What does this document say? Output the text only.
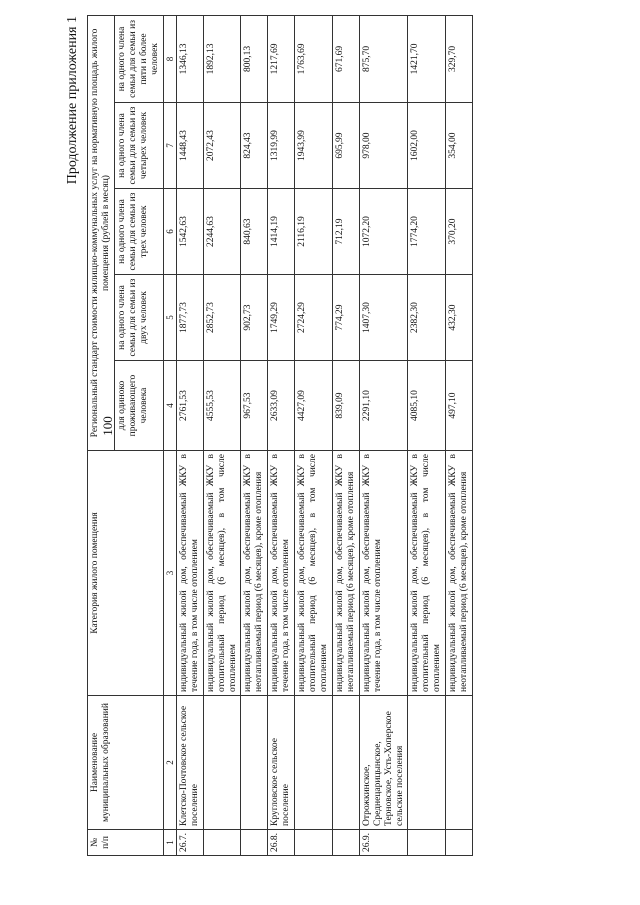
100
Продолжение приложения 1
№ п/п	Наименование муниципальных образований	Категория жилого помещения	Региональный стандарт стоимости жилищно-коммунальных услуг на нормативную площадь жилого помещения (рублей в месяц)				
			для одиноко проживающего человека	на одного члена семьи для семьи из двух человек	на одного члена семьи для семьи из трех человек	на одного члена семьи для семьи из четырех человек	на одного члена семьи для семьи из пяти и более человек
1	2	3	4	5	6	7	8
26.7.	Клетско-Почтовское сельское поселение	индивидуальный жилой дом, обеспечиваемый ЖКУ в течение года, в том числе отоплением	2761,53	1877,73	1542,63	1448,43	1346,13
		индивидуальный жилой дом, обеспечиваемый ЖКУ в отопительный период (6 месяцев), в том числе отоплением	4555,53	2852,73	2244,63	2072,43	1892,13
		индивидуальный жилой дом, обеспечиваемый ЖКУ в неотапливаемый период (6 месяцев), кроме отопления	967,53	902,73	840,63	824,43	800,13
26.8.	Кругловское сельское поселение	индивидуальный жилой дом, обеспечиваемый ЖКУ в течение года, в том числе отоплением	2633,09	1749,29	1414,19	1319,99	1217,69
		индивидуальный жилой дом, обеспечиваемый ЖКУ в отопительный период (6 месяцев), в том числе отоплением	4427,09	2724,29	2116,19	1943,99	1763,69
		индивидуальный жилой дом, обеспечиваемый ЖКУ в неотапливаемый период (6 месяцев), кроме отопления	839,09	774,29	712,19	695,99	671,69
26.9.	Отрожкинское, Среднецарицынское, Терновское, Усть-Хоперское сельские поселения	индивидуальный жилой дом, обеспечиваемый ЖКУ в течение года, в том числе отоплением	2291,10	1407,30	1072,20	978,00	875,70
		индивидуальный жилой дом, обеспечиваемый ЖКУ в отопительный период (6 месяцев), в том числе отоплением	4085,10	2382,30	1774,20	1602,00	1421,70
		индивидуальный жилой дом, обеспечиваемый ЖКУ в неотапливаемый период (6 месяцев), кроме отопления	497,10	432,30	370,20	354,00	329,70
